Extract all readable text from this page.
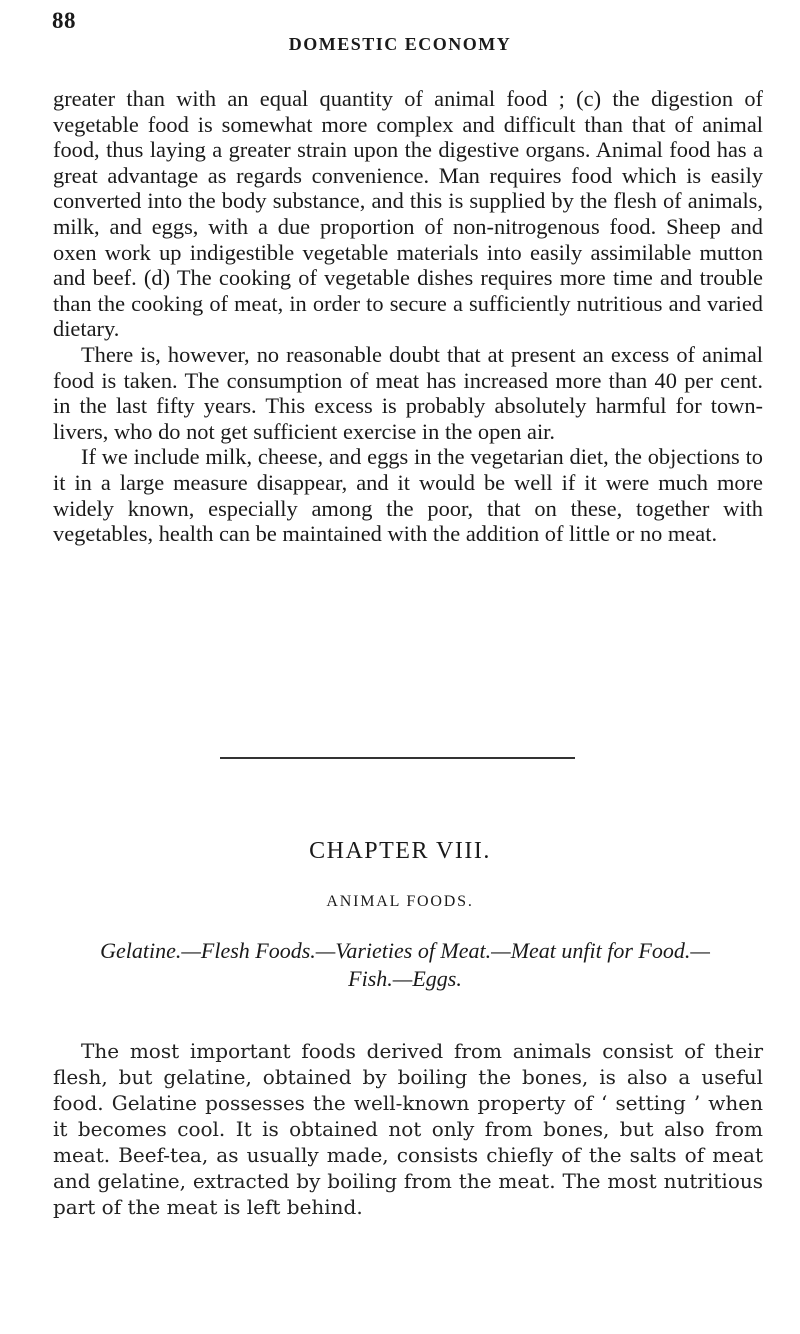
88
DOMESTIC ECONOMY

greater than with an equal quantity of animal food ; (c) the digestion of vegetable food is somewhat more complex and difficult than that of animal food, thus laying a greater strain upon the digestive organs. Animal food has a great advantage as regards convenience. Man requires food which is easily converted into the body substance, and this is supplied by the flesh of animals, milk, and eggs, with a due proportion of non-nitrogenous food. Sheep and oxen work up indigestible vegetable materials into easily assimilable mutton and beef. (d) The cooking of vegetable dishes requires more time and trouble than the cooking of meat, in order to secure a sufficiently nutritious and varied dietary.

There is, however, no reasonable doubt that at present an excess of animal food is taken. The consumption of meat has increased more than 40 per cent. in the last fifty years. This excess is probably absolutely harmful for town-livers, who do not get sufficient exercise in the open air.

If we include milk, cheese, and eggs in the vegetarian diet, the objections to it in a large measure disappear, and it would be well if it were much more widely known, especially among the poor, that on these, together with vegetables, health can be maintained with the addition of little or no meat.

CHAPTER VIII.
ANIMAL FOODS.
Gelatine.—Flesh Foods.—Varieties of Meat.—Meat unfit for Food.—Fish.—Eggs.

The most important foods derived from animals consist of their flesh, but gelatine, obtained by boiling the bones, is also a useful food. Gelatine possesses the well-known property of ‘ setting ’ when it becomes cool. It is obtained not only from bones, but also from meat. Beef-tea, as usually made, consists chiefly of the salts of meat and gelatine, extracted by boiling from the meat. The most nutritious part of the meat is left behind.
